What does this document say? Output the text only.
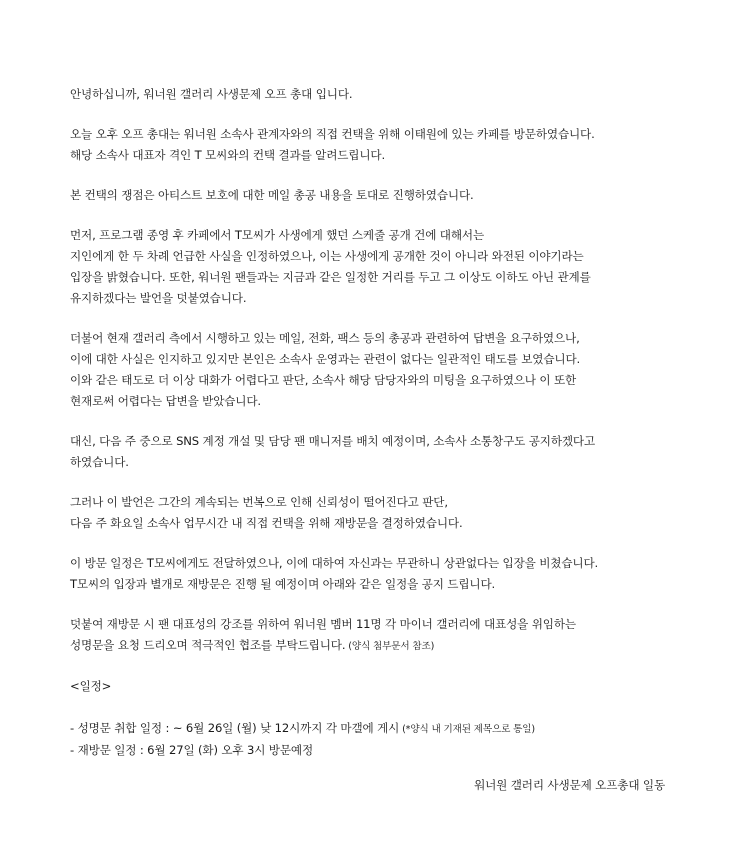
안녕하십니까, 워너원 갤러리 사생문제 오프 총대 입니다.

오늘 오후 오프 총대는 워너원 소속사 관계자와의 직접 컨택을 위해 이태원에 있는 카페를 방문하였습니다.
해당 소속사 대표자 격인 T 모씨와의 컨택 결과를 알려드립니다.

본 컨택의 쟁점은 아티스트 보호에 대한 메일 총공 내용을 토대로 진행하였습니다.

먼저, 프로그램 종영 후 카페에서 T모씨가 사생에게 했던 스케줄 공개 건에 대해서는
지인에게 한 두 차례 언급한 사실을 인정하였으나, 이는 사생에게 공개한 것이 아니라 와전된 이야기라는
입장을 밝혔습니다. 또한, 워너원 팬들과는 지금과 같은 일정한 거리를 두고 그 이상도 이하도 아닌 관계를
유지하겠다는 발언을 덧붙였습니다.

더불어 현재 갤러리 측에서 시행하고 있는 메일, 전화, 팩스 등의 총공과 관련하여 답변을 요구하였으나,
이에 대한 사실은 인지하고 있지만 본인은 소속사 운영과는 관련이 없다는 일관적인 태도를 보였습니다.
이와 같은 태도로 더 이상 대화가 어렵다고 판단, 소속사 해당 담당자와의 미팅을 요구하였으나 이 또한
현재로써 어렵다는 답변을 받았습니다.

대신, 다음 주 중으로 SNS 계정 개설 및 담당 팬 매니저를 배치 예정이며, 소속사 소통창구도 공지하겠다고
하였습니다.

그러나 이 발언은 그간의 계속되는 번복으로 인해 신뢰성이 떨어진다고 판단,
다음 주 화요일 소속사 업무시간 내 직접 컨택을 위해 재방문을 결정하였습니다.

이 방문 일정은 T모씨에게도 전달하였으나, 이에 대하여 자신과는 무관하니 상관없다는 입장을 비쳤습니다.
T모씨의 입장과 별개로 재방문은 진행 될 예정이며 아래와 같은 일정을 공지 드립니다.

덧붙여 재방문 시 팬 대표성의 강조를 위하여 워너원 멤버 11명 각 마이너 갤러리에 대표성을 위임하는
성명문을 요청 드리오며 적극적인 협조를 부탁드립니다. (양식 첨부문서 참조)

<일정>

- 성명문 취합 일정 : ~ 6월 26일 (월) 낮 12시까지 각 마갤에 게시 (*양식 내 기재된 제목으로 통일)
- 재방문 일정 : 6월 27일 (화) 오후 3시 방문예정
워너원 갤러리 사생문제 오프총대 일동
